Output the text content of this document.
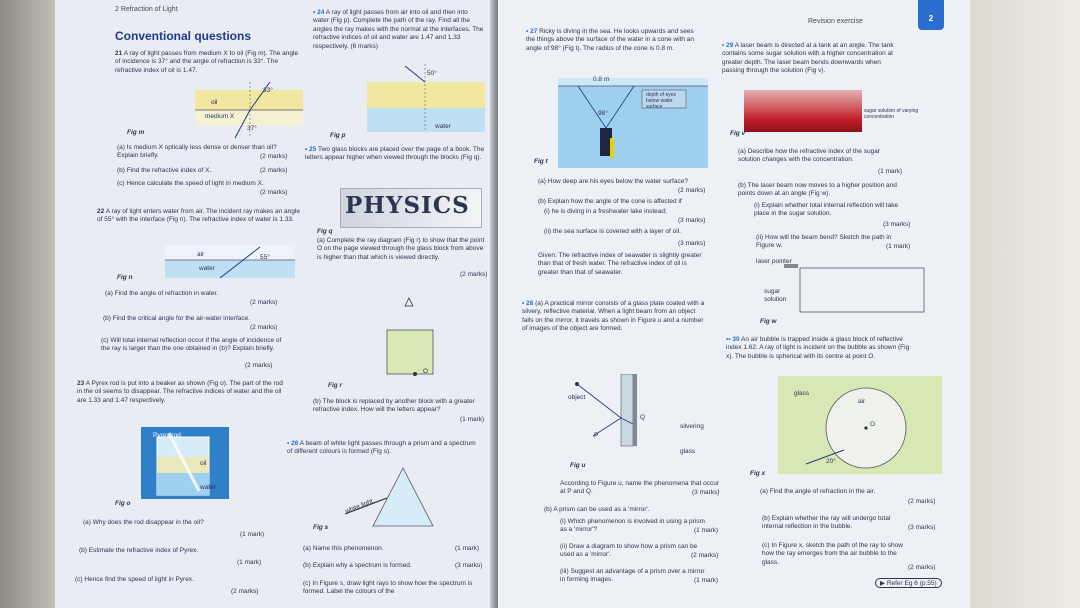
2 Refraction of Light
Conventional questions
21 A ray of light passes from medium X to oil (Fig m). The angle of incidence is 37° and the angle of refraction is 33°. The refractive index of oil is 1.47.
oil
medium X
33°
37°
Fig m
(a) Is medium X optically less dense or denser than oil? Explain briefly.	(2 marks)
(b) Find the refractive index of X.	(2 marks)
(c) Hence calculate the speed of light in medium X.
(2 marks)
22 A ray of light enters water from air. The incident ray makes an angle of 55° with the interface (Fig n). The refractive index of water is 1.33.
air
water
55°
Fig n
(a) Find the angle of refraction in water.
(2 marks)
(b) Find the critical angle for the air-water interface.
(2 marks)
(c) Will total internal reflection occur if the angle of incidence of the ray is larger than the one obtained in (b)? Explain briefly.
(2 marks)
23 A Pyrex rod is put into a beaker as shown (Fig o). The part of the rod in the oil seems to disappear. The refractive indices of water and the oil are 1.33 and 1.47 respectively.
Pyrex rod
oil
water
Fig o
(a) Why does the rod disappear in the oil?
(1 mark)
(b) Estimate the refractive index of Pyrex.
(1 mark)
(c) Hence find the speed of light in Pyrex.
(2 marks)
• 24 A ray of light passes from air into oil and then into water (Fig p). Complete the path of the ray. Find all the angles the ray makes with the normal at the interfaces. The refractive indices of oil and water are 1.47 and 1.33 respectively. (6 marks)
50°
water
Fig p
• 25 Two glass blocks are placed over the page of a book. The letters appear higher when viewed through the blocks (Fig q).
PHYSICS
Fig q
(a) Complete the ray diagram (Fig r) to show that the point O on the page viewed through the glass block from above is higher than that which is viewed directly.
(2 marks)
O
Fig r
(b) The block is replaced by another block with a greater refractive index. How will the letters appear?
(1 mark)
• 26 A beam of white light passes through a prism and a spectrum of different colours is formed (Fig s).
white light
Fig s
(a) Name this phenomenon.	(1 mark)
(b) Explain why a spectrum is formed.	(3 marks)
(c) In Figure s, draw light rays to show how the spectrum is formed. Label the colours of the
Revision exercise	2
• 27 Ricky is diving in the sea. He looks upwards and sees the things above the surface of the water in a cone with an angle of 98° (Fig t). The radius of the cone is 0.8 m.
0.8 m
depth of eyes below water surface
98°
Fig t
(a) How deep are his eyes below the water surface?
(2 marks)
(b) Explain how the angle of the cone is affected if
(i) he is diving in a freshwater lake instead;
(3 marks)
(ii) the sea surface is covered with a layer of oil.
(3 marks)
Given: The refractive index of seawater is slightly greater than that of fresh water. The refractive index of oil is greater than that of seawater.
• 28 (a) A practical mirror consists of a glass plate coated with a silvery, reflective material. When a light beam from an object falls on the mirror, it travels as shown in Figure u and a number of images of the object are formed.
object
silvering
glass
P
Q
Fig u
According to Figure u, name the phenomena that occur at P and Q.	(3 marks)
(b) A prism can be used as a 'mirror'.
(i) Which phenomenon is involved in using a prism as a 'mirror'?	(1 mark)
(ii) Draw a diagram to show how a prism can be used as a 'mirror'.	(2 marks)
(iii) Suggest an advantage of a prism over a mirror in forming images.	(1 mark)
• 29 A laser beam is directed at a tank at an angle. The tank contains some sugar solution with a higher concentration at greater depth. The laser beam bends downwards when passing through the solution (Fig v).
sugar solution of varying concentration
Fig v
(a) Describe how the refractive index of the sugar solution changes with the concentration.
(1 mark)
(b) The laser beam now moves to a higher position and points down at an angle (Fig w).
(i) Explain whether total internal reflection will take place in the sugar solution.
(3 marks)
(ii) How will the beam bend? Sketch the path in Figure w.	(1 mark)
laser pointer
sugar solution
Fig w
•• 30 An air bubble is trapped inside a glass block of reflective index 1.62. A ray of light is incident on the bubble as shown (Fig x). The bubble is spherical with its centre at point O.
glass
air
O
20°
Fig x
(a) Find the angle of refraction in the air.
(2 marks)
(b) Explain whether the ray will undergo total internal reflection in the bubble.	(3 marks)
(c) In Figure x, sketch the path of the ray to show how the ray emerges from the air bubble to the glass.
(2 marks)
▶ Refer Eg 6 (p.55)
